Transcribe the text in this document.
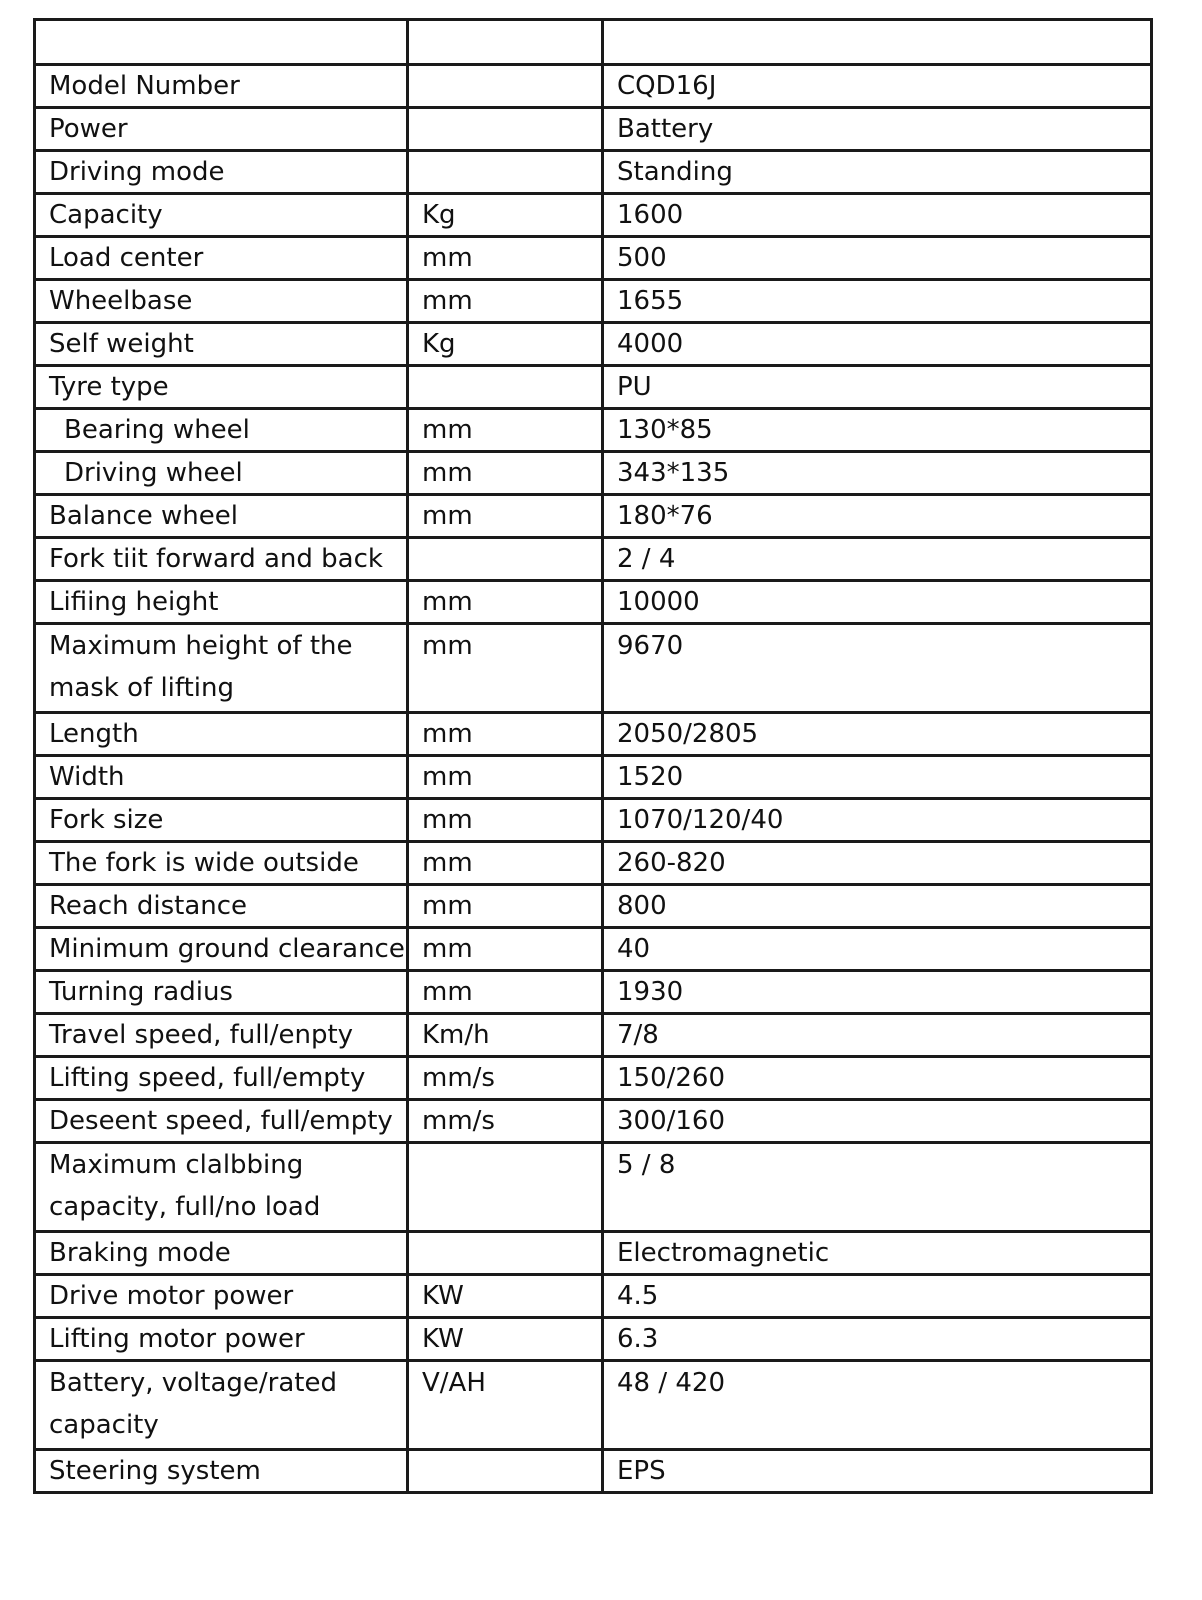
Model Number		CQD16J
Power		Battery
Driving mode		Standing
Capacity	Kg	1600
Load center	mm	500
Wheelbase	mm	1655
Self weight	Kg	4000
Tyre type		PU
Bearing wheel	mm	130*85
Driving wheel	mm	343*135
Balance wheel	mm	180*76
Fork tiit forward and back		2 / 4
Lifiing height	mm	10000
Maximum height of the mask of lifting	mm	9670
Length	mm	2050/2805
Width	mm	1520
Fork size	mm	1070/120/40
The fork is wide outside	mm	260-820
Reach distance	mm	800
Minimum ground clearance	mm	40
Turning radius	mm	1930
Travel speed, full/enpty	Km/h	7/8
Lifting speed, full/empty	mm/s	150/260
Deseent speed, full/empty	mm/s	300/160
Maximum clalbbing capacity, full/no load		5 / 8
Braking mode		Electromagnetic
Drive motor power	KW	4.5
Lifting motor power	KW	6.3
Battery, voltage/rated capacity	V/AH	48 / 420
Steering system		EPS
